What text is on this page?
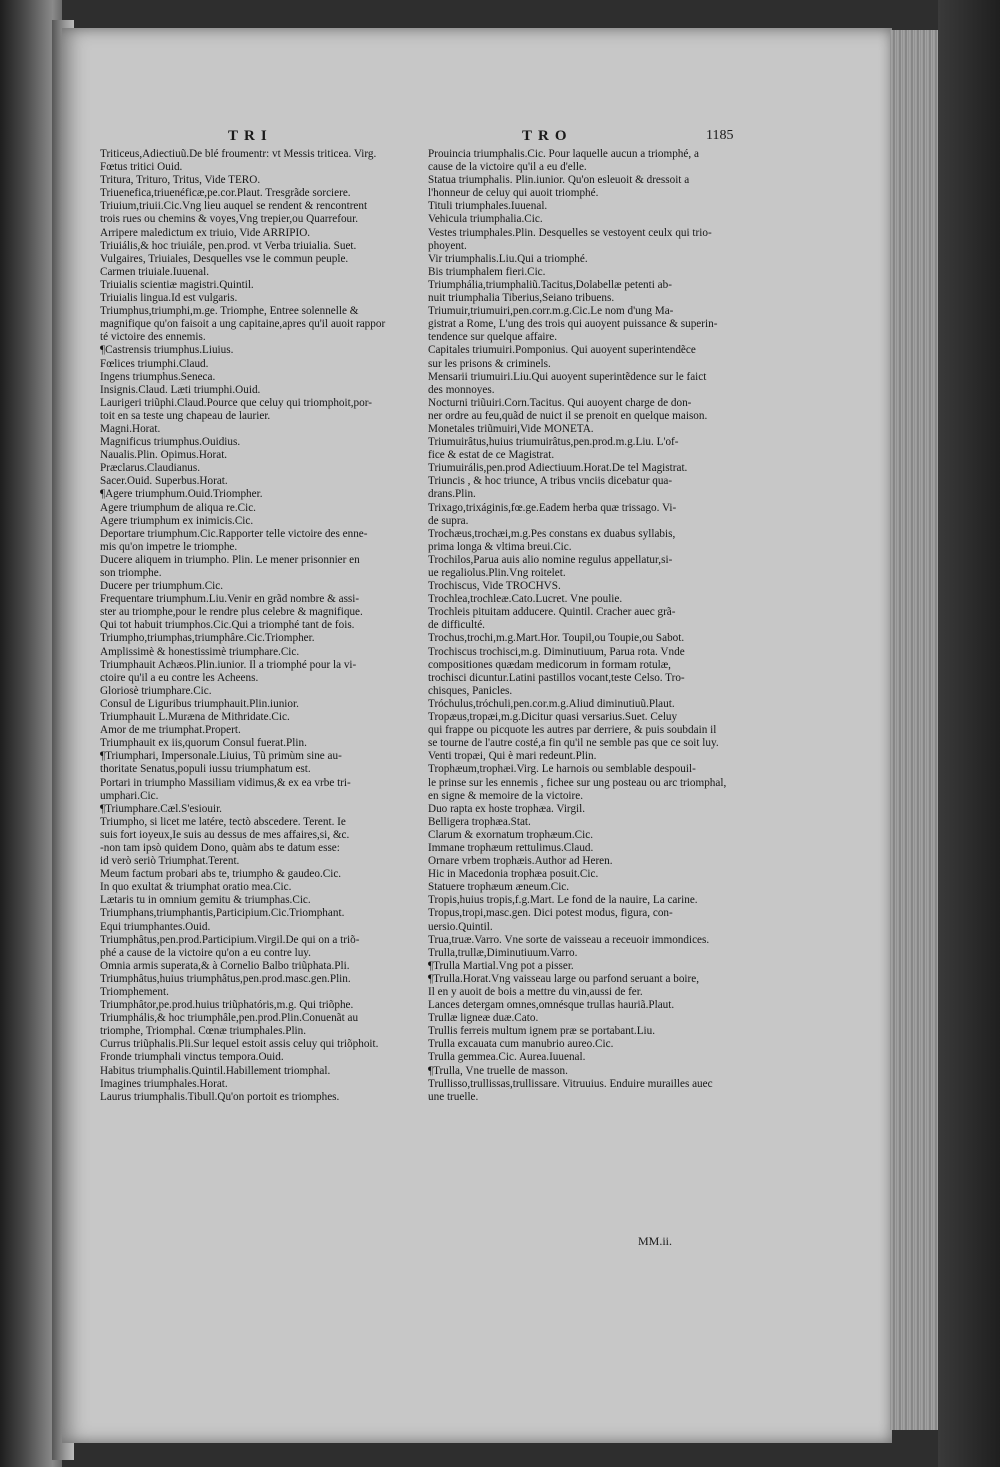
TRI	TRO	1185

Triticeus,Adiectiuũ.De blé froumentr: vt Messis triticea. Virg.

Fœtus tritici Ouid.

Tritura, Trituro, Tritus, Vide TERO.

Triuenefica,triuenéficæ,pe.cor.Plaut. Tresgrãde sorciere.

Triuium,triuii.Cic.Vng lieu auquel se rendent & rencontrent

trois rues ou chemins & voyes,Vng trepier,ou Quarrefour.

Arripere maledictum ex triuio, Vide ARRIPIO.

Triuiális,& hoc triuiále, pen.prod. vt Verba triuialia. Suet.

Vulgaires, Triuiales, Desquelles vse le commun peuple.

Carmen triuiale.Iuuenal.

Triuialis scientiæ magistri.Quintil.

Triuialis lingua.Id est vulgaris.

Triumphus,triumphi,m.ge. Triomphe, Entree solennelle &

magnifique qu'on faisoit a ung capitaine,apres qu'il auoit rappor

té victoire des ennemis.

¶Castrensis triumphus.Liuius.

Fœlices triumphi.Claud.

Ingens triumphus.Seneca.

Insignis.Claud. Læti triumphi.Ouid.

Laurigeri triũphi.Claud.Pource que celuy qui triomphoit,por-

toit en sa teste ung chapeau de laurier.

Magni.Horat.

Magnificus triumphus.Ouidius.

Naualis.Plin. Opimus.Horat.

Præclarus.Claudianus.

Sacer.Ouid. Superbus.Horat.

¶Agere triumphum.Ouid.Triompher.

Agere triumphum de aliqua re.Cic.

Agere triumphum ex inimicis.Cic.

Deportare triumphum.Cic.Rapporter telle victoire des enne-

mis qu'on impetre le triomphe.

Ducere aliquem in triumpho. Plin. Le mener prisonnier en

son triomphe.

Ducere per triumphum.Cic.

Frequentare triumphum.Liu.Venir en grãd nombre & assi-

ster au triomphe,pour le rendre plus celebre & magnifique.

Qui tot habuit triumphos.Cic.Qui a triomphé tant de fois.

Triumpho,triumphas,triumphâre.Cic.Triompher.

Amplissimè & honestissimè triumphare.Cic.

Triumphauit Achæos.Plin.iunior. Il a triomphé pour la vi-

ctoire qu'il a eu contre les Acheens.

Gloriosè triumphare.Cic.

Consul de Liguribus triumphauit.Plin.iunior.

Triumphauit L.Muræna de Mithridate.Cic.

Amor de me triumphat.Propert.

Triumphauit ex iis,quorum Consul fuerat.Plin.

¶Triumphari, Impersonale.Liuius, Tũ primùm sine au-

thoritate Senatus,populi iussu triumphatum est.

Portari in triumpho Massiliam vidimus,& ex ea vrbe tri-

umphari.Cic.

¶Triumphare.Cæl.S'esiouir.

Triumpho, si licet me latére, tectò abscedere. Terent. Ie

suis fort ioyeux,Ie suis au dessus de mes affaires,si, &c.

-non tam ipsò quidem Dono, quàm abs te datum esse:

id verò seriò Triumphat.Terent.

Meum factum probari abs te, triumpho & gaudeo.Cic.

In quo exultat & triumphat oratio mea.Cic.

Lætaris tu in omnium gemitu & triumphas.Cic.

Triumphans,triumphantis,Participium.Cic.Triomphant.

Equi triumphantes.Ouid.

Triumphâtus,pen.prod.Participium.Virgil.De qui on a triõ-

phé a cause de la victoire qu'on a eu contre luy.

Omnia armis superata,& à Cornelio Balbo triũphata.Pli.

Triumphâtus,huius triumphâtus,pen.prod.masc.gen.Plin.

Triomphement.

Triumphâtor,pe.prod.huius triũphatóris,m.g. Qui triõphe.

Triumphális,& hoc triumphâle,pen.prod.Plin.Conuenãt au

triomphe, Triomphal. Cœnæ triumphales.Plin.

Currus triũphalis.Pli.Sur lequel estoit assis celuy qui triõphoit.

Fronde triumphali vinctus tempora.Ouid.

Habitus triumphalis.Quintil.Habillement triomphal.

Imagines triumphales.Horat.

Laurus triumphalis.Tibull.Qu'on portoit es triomphes.

Prouincia triumphalis.Cic. Pour laquelle aucun a triomphé, a

cause de la victoire qu'il a eu d'elle.

Statua triumphalis. Plin.iunior. Qu'on esleuoit & dressoit a

l'honneur de celuy qui auoit triomphé.

Tituli triumphales.Iuuenal.

Vehicula triumphalia.Cic.

Vestes triumphales.Plin. Desquelles se vestoyent ceulx qui trio-

phoyent.

Vir triumphalis.Liu.Qui a triomphé.

Bis triumphalem fieri.Cic.

Triumphália,triumphaliũ.Tacitus,Dolabellæ petenti ab-

nuit triumphalia Tiberius,Seiano tribuens.

Triumuir,triumuiri,pen.corr.m.g.Cic.Le nom d'ung Ma-

gistrat a Rome, L'ung des trois qui auoyent puissance & superin-

tendence sur quelque affaire.

Capitales triumuiri.Pomponius. Qui auoyent superintendẽce

sur les prisons & criminels.

Mensarii triumuiri.Liu.Qui auoyent superintẽdence sur le faict

des monnoyes.

Nocturni triũuiri.Corn.Tacitus. Qui auoyent charge de don-

ner ordre au feu,quãd de nuict il se prenoit en quelque maison.

Monetales triũmuiri,Vide MONETA.

Triumuirâtus,huius triumuirâtus,pen.prod.m.g.Liu. L'of-

fice & estat de ce Magistrat.

Triumuirális,pen.prod Adiectiuum.Horat.De tel Magistrat.

Triuncis , & hoc triunce, A tribus vnciis dicebatur qua-

drans.Plin.

Trixago,trixáginis,fœ.ge.Eadem herba quæ trissago. Vi-

de supra.

Trochæus,trochæi,m.g.Pes constans ex duabus syllabis,

prima longa & vltima breui.Cic.

Trochilos,Parua auis alio nomine regulus appellatur,si-

ue regaliolus.Plin.Vng roitelet.

Trochiscus, Vide TROCHVS.

Trochlea,trochleæ.Cato.Lucret. Vne poulie.

Trochleis pituitam adducere. Quintil. Cracher auec grã-

de difficulté.

Trochus,trochi,m.g.Mart.Hor. Toupil,ou Toupie,ou Sabot.

Trochiscus trochisci,m.g. Diminutiuum, Parua rota. Vnde

compositiones quædam medicorum in formam rotulæ,

trochisci dicuntur.Latini pastillos vocant,teste Celso. Tro-

chisques, Panicles.

Tróchulus,tróchuli,pen.cor.m.g.Aliud diminutiuũ.Plaut.

Tropæus,tropæi,m.g.Dicitur quasi versarius.Suet. Celuy

qui frappe ou picquote les autres par derriere, & puis soubdain il

se tourne de l'autre costé,a fin qu'il ne semble pas que ce soit luy.

Venti tropæi, Qui è mari redeunt.Plin.

Trophæum,trophæi.Virg. Le harnois ou semblable despouil-

le prinse sur les ennemis , fichee sur ung posteau ou arc triomphal,

en signe & memoire de la victoire.

Duo rapta ex hoste trophæa. Virgil.

Belligera trophæa.Stat.

Clarum & exornatum trophæum.Cic.

Immane trophæum rettulimus.Claud.

Ornare vrbem trophæis.Author ad Heren.

Hic in Macedonia trophæa posuit.Cic.

Statuere trophæum æneum.Cic.

Tropis,huius tropis,f.g.Mart. Le fond de la nauire, La carine.

Tropus,tropi,masc.gen. Dici potest modus, figura, con-

uersio.Quintil.

Trua,truæ.Varro. Vne sorte de vaisseau a receuoir immondices.

Trulla,trullæ,Diminutiuum.Varro.

¶Trulla Martial.Vng pot a pisser.

¶Trulla.Horat.Vng vaisseau large ou parfond seruant a boire,

Il en y auoit de bois a mettre du vin,aussi de fer.

Lances detergam omnes,omnésque trullas hauriã.Plaut.

Trullæ ligneæ duæ.Cato.

Trullis ferreis multum ignem præ se portabant.Liu.

Trulla excauata cum manubrio aureo.Cic.

Trulla gemmea.Cic. Aurea.Iuuenal.

¶Trulla, Vne truelle de masson.

Trullisso,trullissas,trullissare. Vitruuius. Enduire murailles auec

une truelle.

MM.ii.
